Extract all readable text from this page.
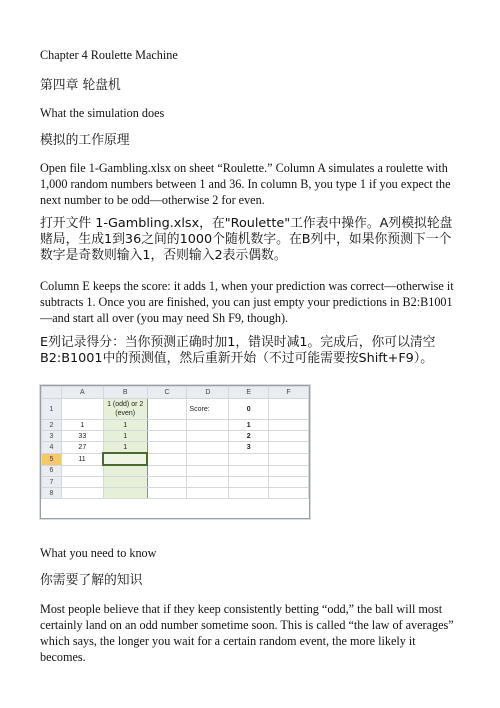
Chapter 4 Roulette Machine

第四章 轮盘机

What the simulation does

模拟的工作原理

Open file 1-Gambling.xlsx on sheet “Roulette.” Column A simulates a roulette with 1,000 random numbers between 1 and 36. In column B, you type 1 if you expect the next number to be odd—otherwise 2 for even.

打开文件 1-Gambling.xlsx，在"Roulette"工作表中操作。A列模拟轮盘赌局，生成1到36之间的1000个随机数字。在B列中，如果你预测下一个数字是奇数则输入1，否则输入2表示偶数。

Column E keeps the score: it adds 1, when your prediction was correct—otherwise it subtracts 1. Once you are finished, you can just empty your predictions in B2:B1001—and start all over (you may need Sh F9, though).

E列记录得分：当你预测正确时加1，错误时减1。完成后，你可以清空B2:B1001中的预测值，然后重新开始（不过可能需要按Shift+F9）。

	A	B	C	D	E	F
1		1 (odd) or 2 (even)		Score:	0	
2	1	1			1	
3	33	1			2	
4	27	1			3	
5	11					
6						
7						
8						

What you need to know

你需要了解的知识

Most people believe that if they keep consistently betting “odd,” the ball will most certainly land on an odd number sometime soon. This is called “the law of averages” which says, the longer you wait for a certain random event, the more likely it becomes.
